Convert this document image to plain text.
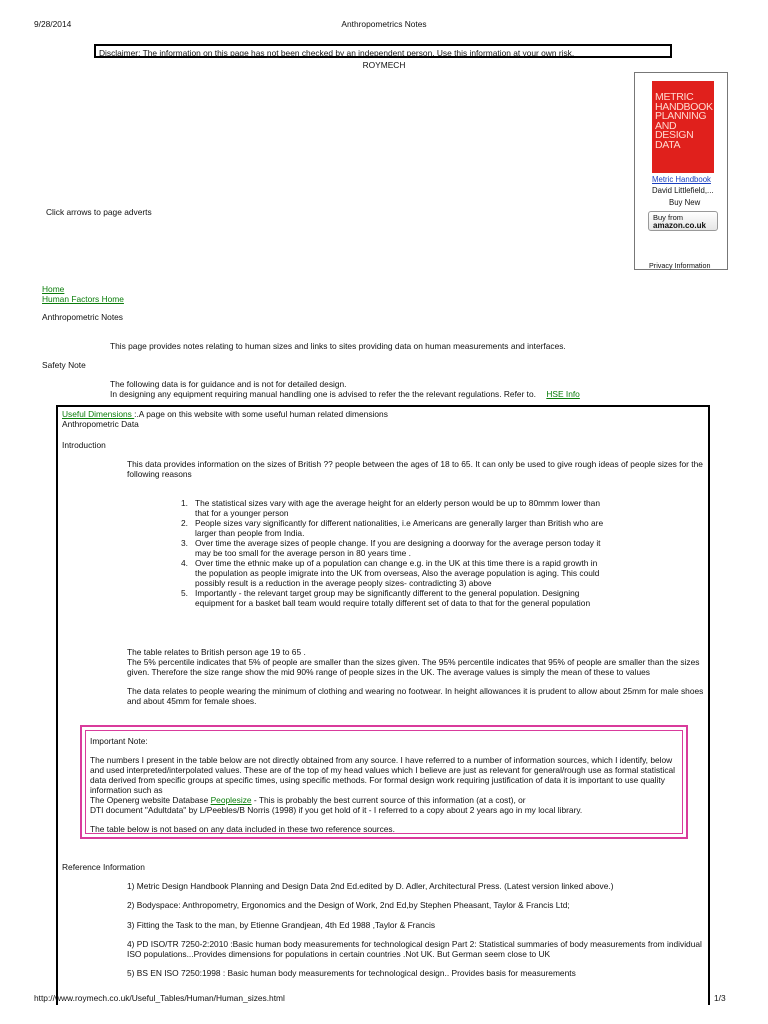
9/28/2014	Anthropometrics Notes
Disclaimer: The information on this page has not been checked by an independent person. Use this information at your own risk.
ROYMECH
METRIC
HANDBOOK
PLANNING
AND
DESIGN
DATA
Metric Handbook
David Littlefield,...
Buy New
Buy from amazon.co.uk
Privacy Information
Click arrows to page adverts
Home
Human Factors Home
Anthropometric Notes
This page provides notes relating to human sizes and links to sites providing data on human measurements and interfaces.
Safety Note
The following data is for guidance and is not for detailed design.
In designing any equipment requiring manual handling one is advised to refer the the relevant regulations. Refer to. HSE Info
Useful Dimensions :.A page on this website with some useful human related dimensions
Anthropometric Data
Introduction
This data provides information on the sizes of British ?? people between the ages of 18 to 65. It can only be used to give rough ideas of people sizes for the following reasons
1. The statistical sizes vary with age the average height for an elderly person would be up to 80mmm lower than that for a younger person
2. People sizes vary significantly for different nationalities, i.e Americans are generally larger than British who are larger than people from India.
3. Over time the average sizes of people change. If you are designing a doorway for the average person today it may be too small for the average person in 80 years time .
4. Over time the ethnic make up of a population can change e.g. in the UK at this time there is a rapid growth in the population as people imigrate into the UK from overseas, Also the average population is aging. This could possibly result is a reduction in the average peoply sizes- contradicting 3) above
5. Importantly - the relevant target group may be significantly different to the general population. Designing equipment for a basket ball team would require totally different set of data to that for the general population
The table relates to British person age 19 to 65 .
The 5% percentile indicates that 5% of people are smaller than the sizes given. The 95% percentile indicates that 95% of people are smaller than the sizes given. Therefore the size range show the mid 90% range of people sizes in the UK. The average values is simply the mean of these to values
The data relates to people wearing the minimum of clothing and wearing no footwear. In height allowances it is prudent to allow about 25mm for male shoes and about 45mm for female shoes.
Important Note:
The numbers I present in the table below are not directly obtained from any source. I have referred to a number of information sources, which I identify, below and used interpreted/interpolated values. These are of the top of my head values which I believe are just as relevant for general/rough use as formal statistical data derived from specific groups at specific times, using specific methods. For formal design work requiring justification of data it is important to use quality information such as
The Openerg website Database Peoplesize - This is probably the best current source of this information (at a cost), or
DTI document "Adultdata" by L/Peebles/B Norris (1998) if you get hold of it - I referred to a copy about 2 years ago in my local library.
The table below is not based on any data included in these two reference sources.
Reference Information
1) Metric Design Handbook Planning and Design Data 2nd Ed.edited by D. Adler, Architectural Press. (Latest version linked above.)
2) Bodyspace: Anthropometry, Ergonomics and the Design of Work, 2nd Ed,by Stephen Pheasant, Taylor & Francis Ltd;
3) Fitting the Task to the man, by Etienne Grandjean, 4th Ed 1988 ,Taylor & Francis
4) PD ISO/TR 7250-2:2010 :Basic human body measurements for technological design Part 2: Statistical summaries of body measurements from individual ISO populations...Provides dimensions for populations in certain countries .Not UK. But German seem close to UK
5) BS EN ISO 7250:1998 : Basic human body measurements for technological design.. Provides basis for measurements
http://www.roymech.co.uk/Useful_Tables/Human/Human_sizes.html	1/3
